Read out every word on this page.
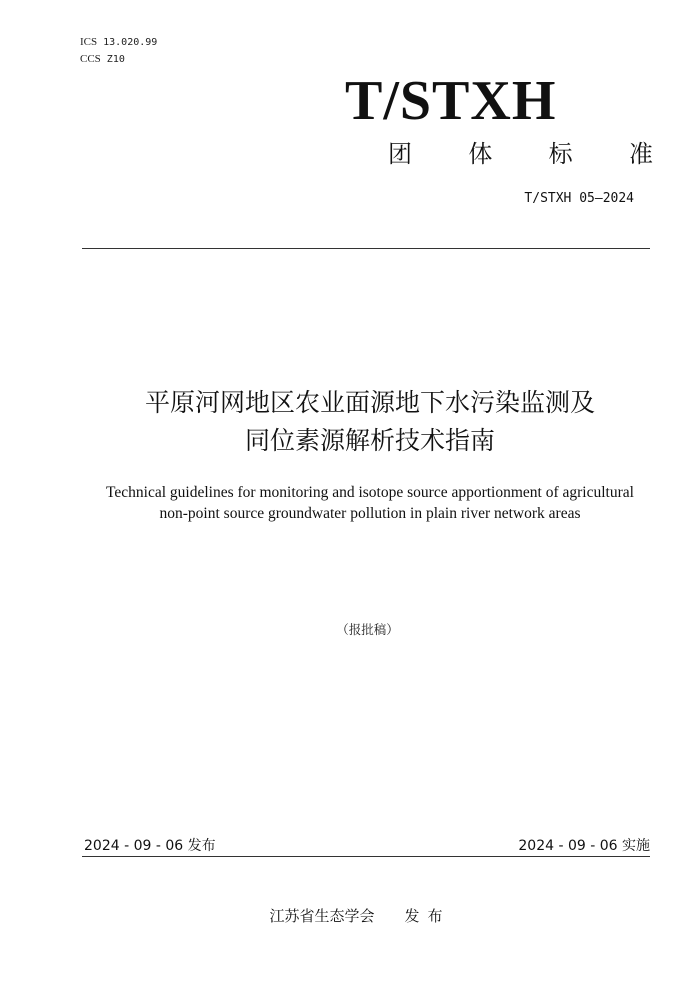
ICS 13.020.99
CCS Z10
T/STXH
团 体 标 准
T/STXH 05—2024
平原河网地区农业面源地下水污染监测及
同位素源解析技术指南
Technical guidelines for monitoring and isotope source apportionment of agricultural
non-point source groundwater pollution in plain river network areas
（报批稿）
2024 - 09 - 06 发布	2024 - 09 - 06 实施
江苏省生态学会 发布
